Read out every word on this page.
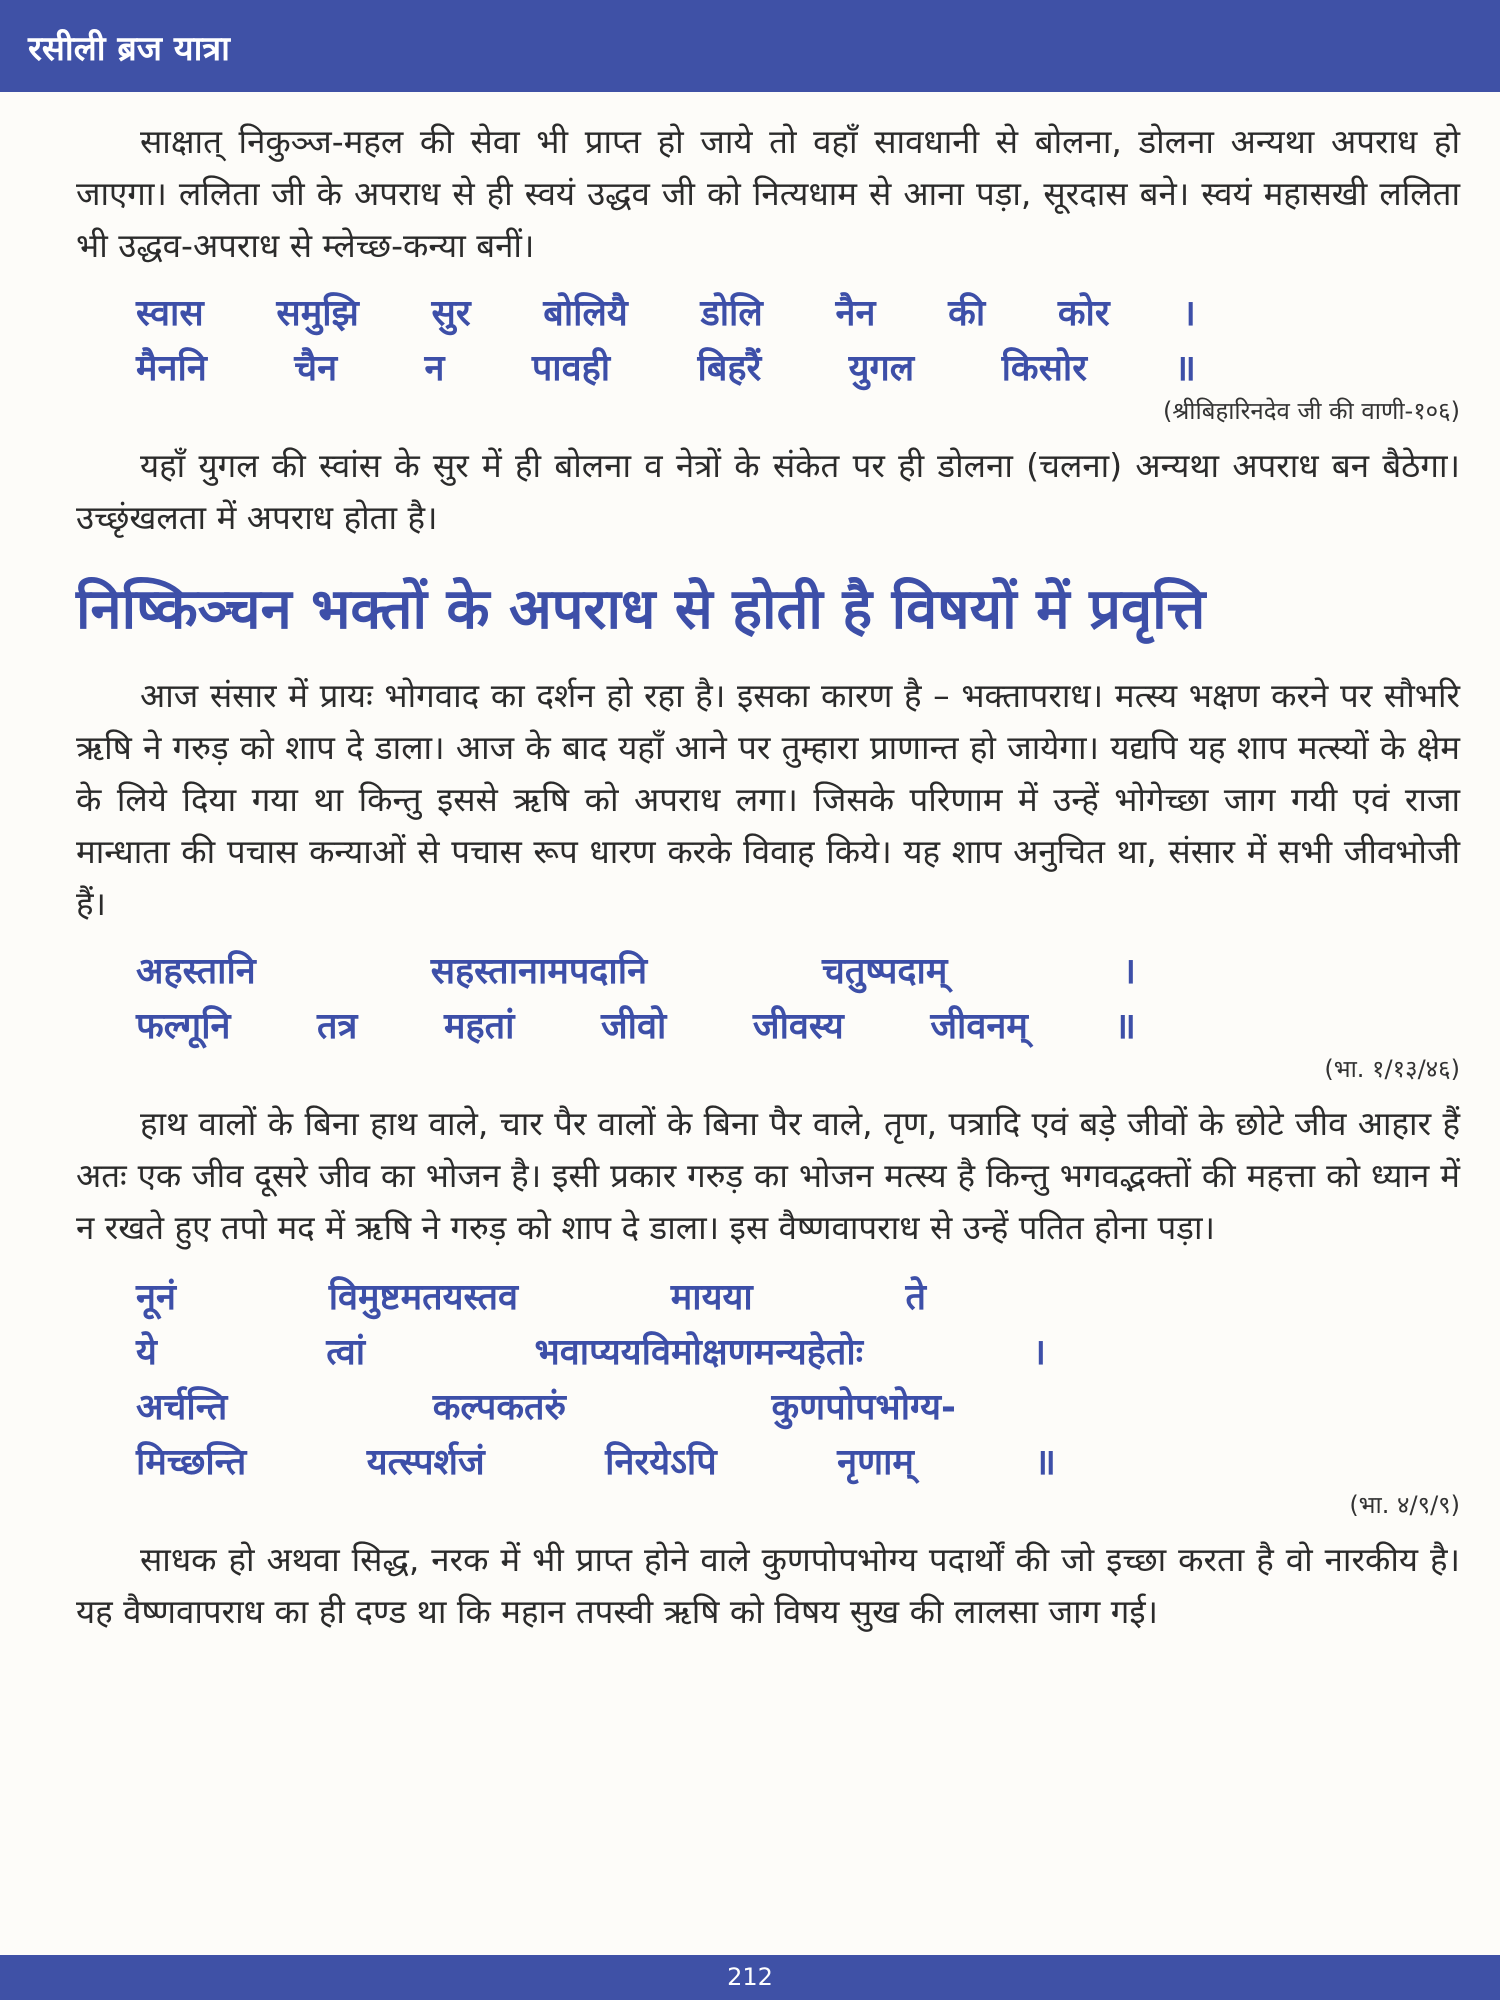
रसीली ब्रज यात्रा

साक्षात् निकुञ्ज-महल की सेवा भी प्राप्त हो जाये तो वहाँ सावधानी से बोलना, डोलना अन्यथा अपराध हो जाएगा। ललिता जी के अपराध से ही स्वयं उद्धव जी को नित्यधाम से आना पड़ा, सूरदास बने। स्वयं महासखी ललिता भी उद्धव-अपराध से म्लेच्छ-कन्या बनीं।

स्वास समुझि सुर बोलियै डोलि नैन की कोर ।
मैननि चैन न पावही बिहरैं युगल किसोर ॥

(श्रीबिहारिनदेव जी की वाणी-१०६)

यहाँ युगल की स्वांस के सुर में ही बोलना व नेत्रों के संकेत पर ही डोलना (चलना) अन्यथा अपराध बन बैठेगा। उच्छृंखलता में अपराध होता है।

निष्किञ्चन भक्तों के अपराध से होती है विषयों में प्रवृत्ति

आज संसार में प्रायः भोगवाद का दर्शन हो रहा है। इसका कारण है – भक्तापराध। मत्स्य भक्षण करने पर सौभरि ऋषि ने गरुड़ को शाप दे डाला। आज के बाद यहाँ आने पर तुम्हारा प्राणान्त हो जायेगा। यद्यपि यह शाप मत्स्यों के क्षेम के लिये दिया गया था किन्तु इससे ऋषि को अपराध लगा। जिसके परिणाम में उन्हें भोगेच्छा जाग गयी एवं राजा मान्धाता की पचास कन्याओं से पचास रूप धारण करके विवाह किये। यह शाप अनुचित था, संसार में सभी जीवभोजी हैं।

अहस्तानि	सहस्तानामपदानि	चतुष्पदाम्	।
फल्गूनि तत्र महतां जीवो जीवस्य जीवनम् ॥

(भा. १/१३/४६)

हाथ वालों के बिना हाथ वाले, चार पैर वालों के बिना पैर वाले, तृण, पत्रादि एवं बड़े जीवों के छोटे जीव आहार हैं अतः एक जीव दूसरे जीव का भोजन है। इसी प्रकार गरुड़ का भोजन मत्स्य है किन्तु भगवद्भक्तों की महत्ता को ध्यान में न रखते हुए तपो मद में ऋषि ने गरुड़ को शाप दे डाला। इस वैष्णवापराध से उन्हें पतित होना पड़ा।

नूनं	विमुष्टमतयस्तव	मायया	ते
ये	त्वां	भवाप्ययविमोक्षणमन्यहेतोः	।
अर्चन्ति	कल्पकतरुं	कुणपोपभोग्य-
मिच्छन्ति	यत्स्पर्शजं	निरयेऽपि	नृणाम्	॥

(भा. ४/९/९)

साधक हो अथवा सिद्ध, नरक में भी प्राप्त होने वाले कुणपोपभोग्य पदार्थों की जो इच्छा करता है वो नारकीय है। यह वैष्णवापराध का ही दण्ड था कि महान तपस्वी ऋषि को विषय सुख की लालसा जाग गई।

212
